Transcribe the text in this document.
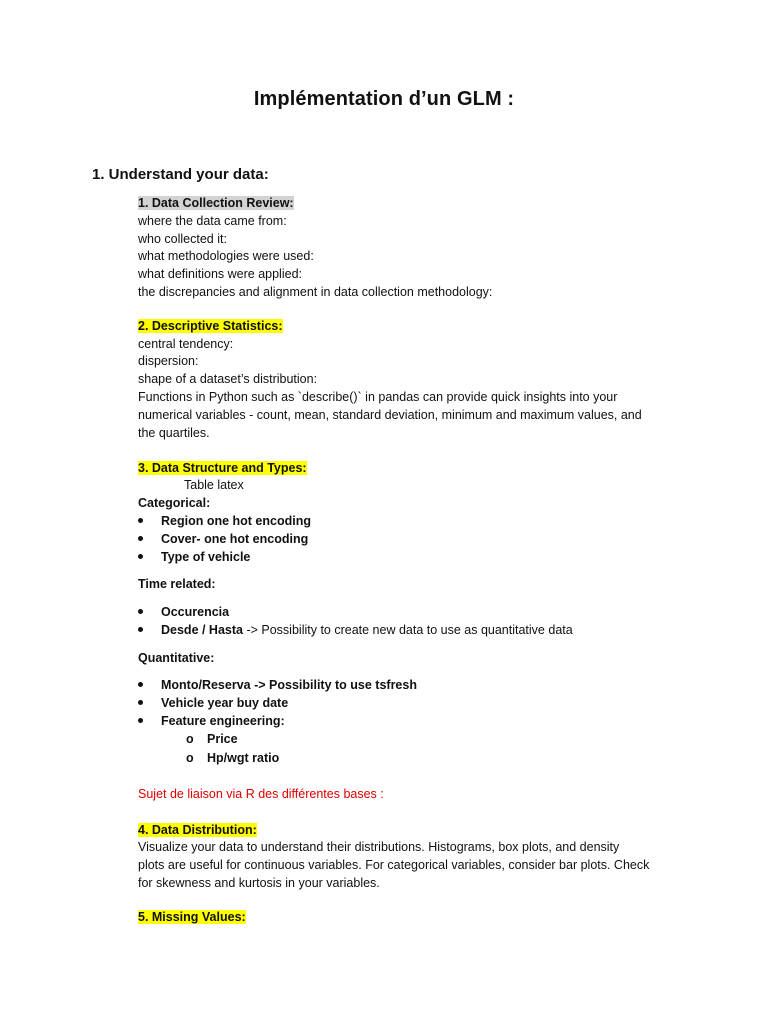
Implémentation d’un GLM :
1. Understand your data:
1. Data Collection Review:
where the data came from:
who collected it:
what methodologies were used:
what definitions were applied:
the discrepancies and alignment in data collection methodology:
2. Descriptive Statistics:
central tendency:
dispersion:
shape of a dataset’s distribution:
Functions in Python such as `describe()` in pandas can provide quick insights into your
numerical variables - count, mean, standard deviation, minimum and maximum values, and
the quartiles.
3. Data Structure and Types:
Table latex
Categorical:
Region one hot encoding
Cover- one hot encoding
Type of vehicle
Time related:
Occurencia
Desde / Hasta -> Possibility to create new data to use as quantitative data
Quantitative:
Monto/Reserva -> Possibility to use tsfresh
Vehicle year buy date
Feature engineering:
o Price
o Hp/wgt ratio
Sujet de liaison via R des différentes bases :
4. Data Distribution:
Visualize your data to understand their distributions. Histograms, box plots, and density
plots are useful for continuous variables. For categorical variables, consider bar plots. Check
for skewness and kurtosis in your variables.
5. Missing Values:
